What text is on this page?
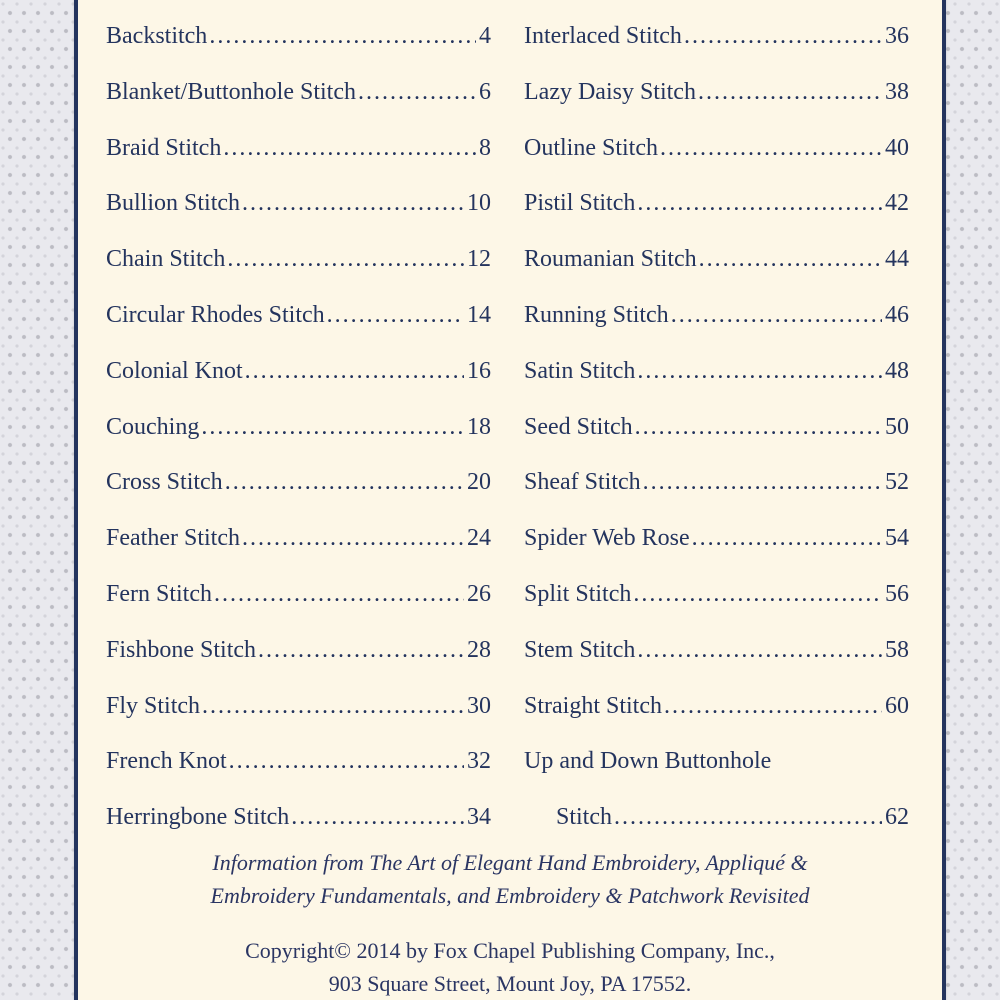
Backstitch .....	4
Blanket/Buttonhole Stitch .....	6
Braid Stitch .....	8
Bullion Stitch .....	10
Chain Stitch .....	12
Circular Rhodes Stitch .....	14
Colonial Knot .....	16
Couching .....	18
Cross Stitch .....	20
Feather Stitch .....	24
Fern Stitch .....	26
Fishbone Stitch .....	28
Fly Stitch .....	30
French Knot .....	32
Herringbone Stitch .....	34
Interlaced Stitch .....	36
Lazy Daisy Stitch .....	38
Outline Stitch .....	40
Pistil Stitch .....	42
Roumanian Stitch .....	44
Running Stitch .....	46
Satin Stitch .....	48
Seed Stitch .....	50
Sheaf Stitch .....	52
Spider Web Rose .....	54
Split Stitch .....	56
Stem Stitch .....	58
Straight Stitch .....	60
Up and Down Buttonhole
Stitch .....	62

Information from The Art of Elegant Hand Embroidery, Appliqué &
Embroidery Fundamentals, and Embroidery & Patchwork Revisited

Copyright© 2014 by Fox Chapel Publishing Company, Inc.,
903 Square Street, Mount Joy, PA 17552.
